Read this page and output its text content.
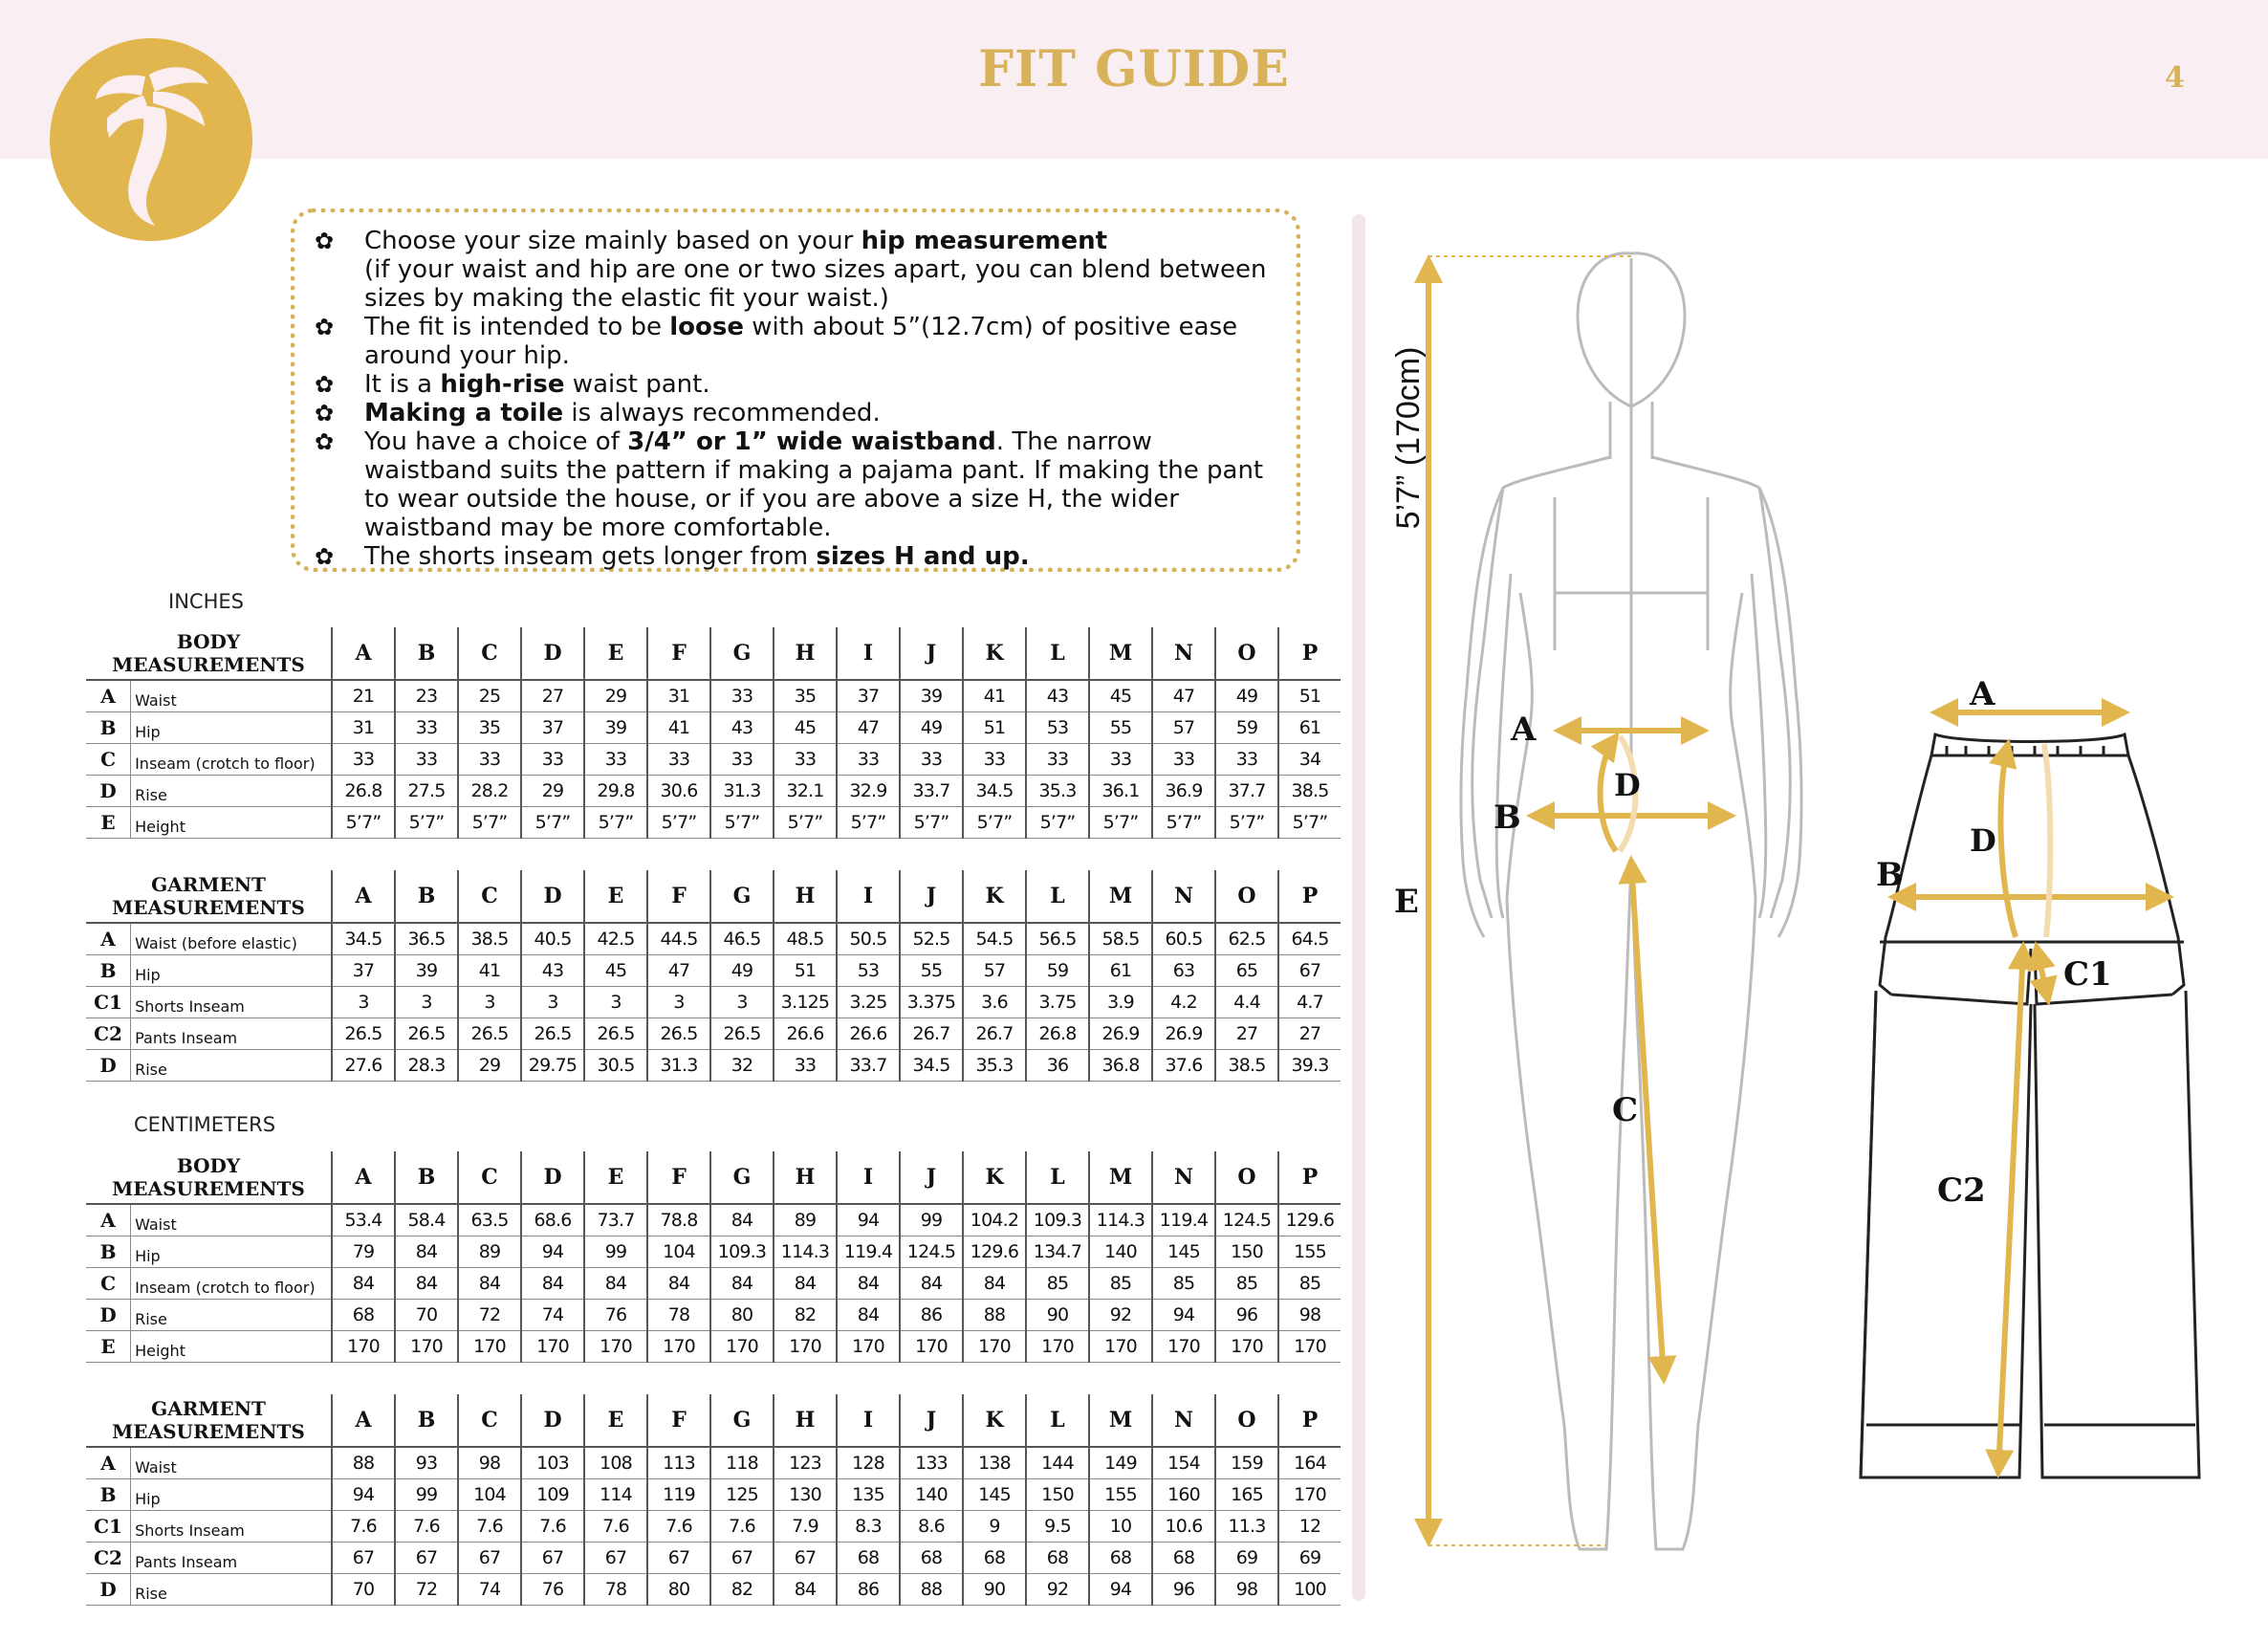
FIT GUIDE	4
✿ Choose your size mainly based on your hip measurement
(if your waist and hip are one or two sizes apart, you can blend between sizes by making the elastic fit your waist.)
✿ The fit is intended to be loose with about 5”(12.7cm) of positive ease around your hip.
✿ It is a high-rise waist pant.
✿ Making a toile is always recommended.
✿ You have a choice of 3/4” or 1” wide waistband. The narrow waistband suits the pattern if making a pajama pant. If making the pant to wear outside the house, or if you are above a size H, the wider waistband may be more comfortable.
✿ The shorts inseam gets longer from sizes H and up.
INCHES
BODY
MEASUREMENTS		A	B	C	D	E	F	G	H	I	J	K	L	M	N	O	P
A	Waist	21	23	25	27	29	31	33	35	37	39	41	43	45	47	49	51
B	Hip	31	33	35	37	39	41	43	45	47	49	51	53	55	57	59	61
C	Inseam (crotch to floor)	33	33	33	33	33	33	33	33	33	33	33	33	33	33	33	34
D	Rise	26.8	27.5	28.2	29	29.8	30.6	31.3	32.1	32.9	33.7	34.5	35.3	36.1	36.9	37.7	38.5
E	Height	5’7”	5’7”	5’7”	5’7”	5’7”	5’7”	5’7”	5’7”	5’7”	5’7”	5’7”	5’7”	5’7”	5’7”	5’7”	5’7”
GARMENT
MEASUREMENTS		A	B	C	D	E	F	G	H	I	J	K	L	M	N	O	P
A	Waist (before elastic)	34.5	36.5	38.5	40.5	42.5	44.5	46.5	48.5	50.5	52.5	54.5	56.5	58.5	60.5	62.5	64.5
B	Hip	37	39	41	43	45	47	49	51	53	55	57	59	61	63	65	67
C1	Shorts Inseam	3	3	3	3	3	3	3	3.125	3.25	3.375	3.6	3.75	3.9	4.2	4.4	4.7
C2	Pants Inseam	26.5	26.5	26.5	26.5	26.5	26.5	26.5	26.6	26.6	26.7	26.7	26.8	26.9	26.9	27	27
D	Rise	27.6	28.3	29	29.75	30.5	31.3	32	33	33.7	34.5	35.3	36	36.8	37.6	38.5	39.3
CENTIMETERS
BODY
MEASUREMENTS		A	B	C	D	E	F	G	H	I	J	K	L	M	N	O	P
A	Waist	53.4	58.4	63.5	68.6	73.7	78.8	84	89	94	99	104.2	109.3	114.3	119.4	124.5	129.6
B	Hip	79	84	89	94	99	104	109.3	114.3	119.4	124.5	129.6	134.7	140	145	150	155
C	Inseam (crotch to floor)	84	84	84	84	84	84	84	84	84	84	84	85	85	85	85	85
D	Rise	68	70	72	74	76	78	80	82	84	86	88	90	92	94	96	98
E	Height	170	170	170	170	170	170	170	170	170	170	170	170	170	170	170	170
GARMENT
MEASUREMENTS		A	B	C	D	E	F	G	H	I	J	K	L	M	N	O	P
A	Waist	88	93	98	103	108	113	118	123	128	133	138	144	149	154	159	164
B	Hip	94	99	104	109	114	119	125	130	135	140	145	150	155	160	165	170
C1	Shorts Inseam	7.6	7.6	7.6	7.6	7.6	7.6	7.6	7.9	8.3	8.6	9	9.5	10	10.6	11.3	12
C2	Pants Inseam	67	67	67	67	67	67	67	67	68	68	68	68	68	68	69	69
D	Rise	70	72	74	76	78	80	82	84	86	88	90	92	94	96	98	100
5’7” (170cm)
E
A
B
D
C
A
B
D
C1
C2
